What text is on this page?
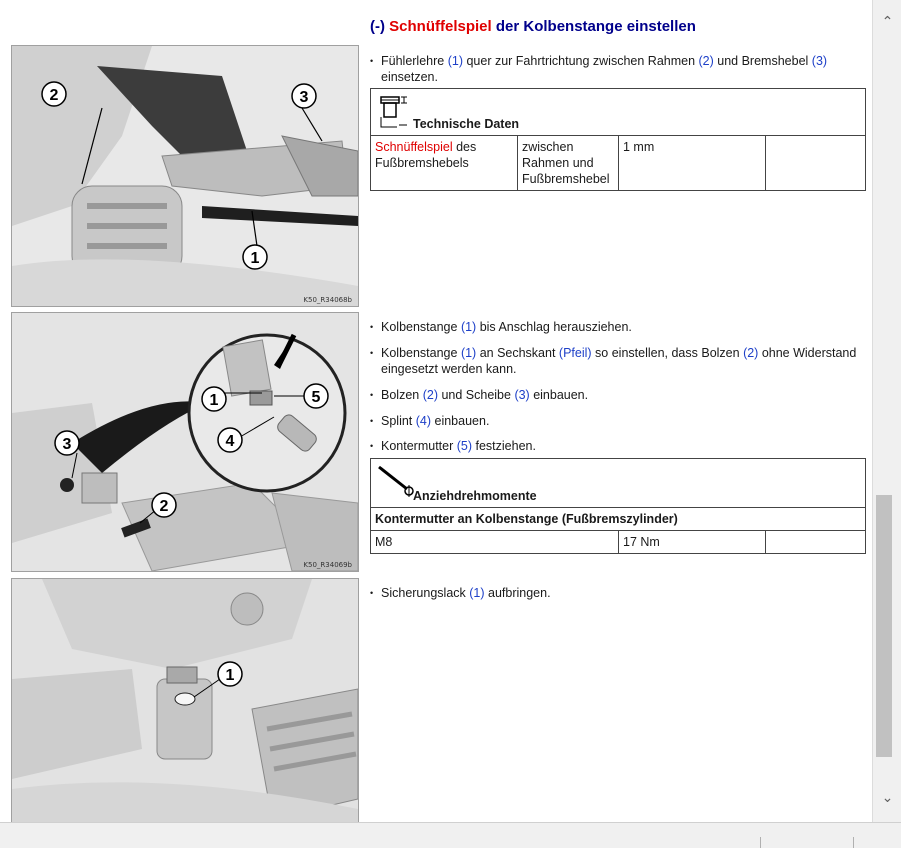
(-) Schnüffelspiel der Kolbenstange einstellen
2	3
1
K50_R34068b
1	5
4
3
2
K50_R34069b
1
• Fühlerlehre (1) quer zur Fahrtrichtung zwischen Rahmen (2) und Bremshebel (3) einsetzen.
Technische Daten

Schnüffelspiel des Fußbremshebels	zwischen Rahmen und Fußbremshebel	1 mm	
• Kolbenstange (1) bis Anschlag herausziehen.
• Kolbenstange (1) an Sechskant (Pfeil) so einstellen, dass Bolzen (2) ohne Widerstand eingesetzt werden kann.
• Bolzen (2) und Scheibe (3) einbauen.
• Splint (4) einbauen.
• Kontermutter (5) festziehen.
Anziehdrehmomente

Kontermutter an Kolbenstange (Fußbremszylinder)
M8	17 Nm	
• Sicherungslack (1) aufbringen.
⌃
⌄
